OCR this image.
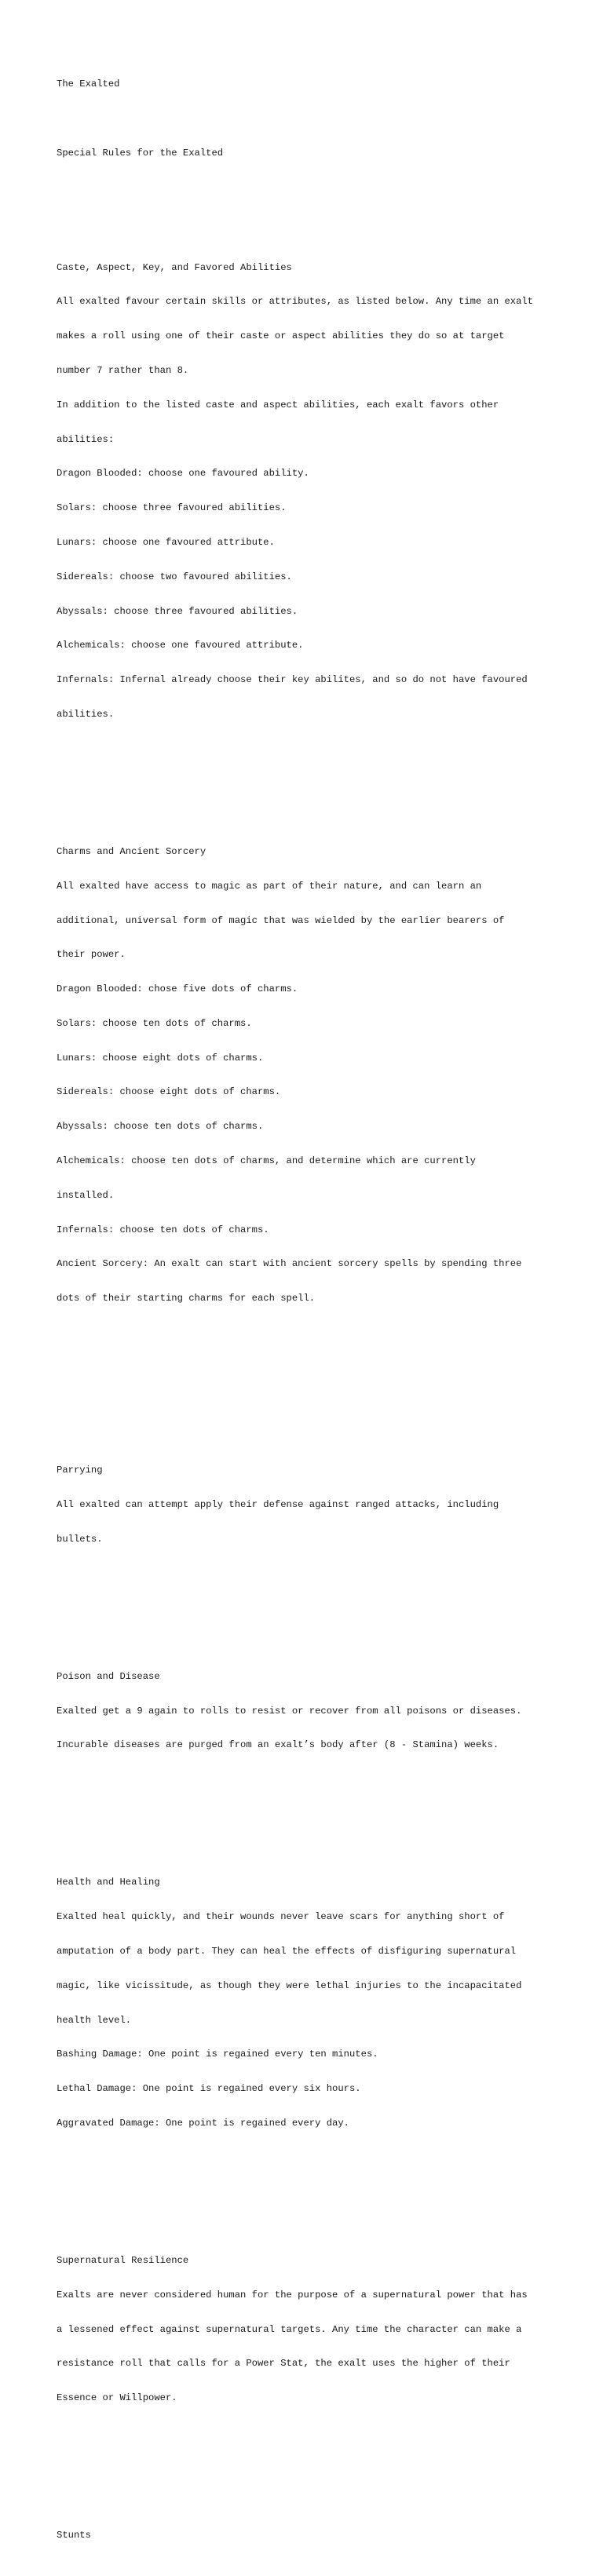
The Exalted

Special Rules for the Exalted

Caste, Aspect, Key, and Favored Abilities

All exalted favour certain skills or attributes, as listed below. Any time an exalt

makes a roll using one of their caste or aspect abilities they do so at target

number 7 rather than 8.

In addition to the listed caste and aspect abilities, each exalt favors other

abilities:

Dragon Blooded: choose one favoured ability.

Solars: choose three favoured abilities.

Lunars: choose one favoured attribute.

Sidereals: choose two favoured abilities.

Abyssals: choose three favoured abilities.

Alchemicals: choose one favoured attribute.

Infernals: Infernal already choose their key abilites, and so do not have favoured

abilities.

Charms and Ancient Sorcery

All exalted have access to magic as part of their nature, and can learn an

additional, universal form of magic that was wielded by the earlier bearers of

their power.

Dragon Blooded: chose five dots of charms.

Solars: choose ten dots of charms.

Lunars: choose eight dots of charms.

Sidereals: choose eight dots of charms.

Abyssals: choose ten dots of charms.

Alchemicals: choose ten dots of charms, and determine which are currently

installed.

Infernals: choose ten dots of charms.

Ancient Sorcery: An exalt can start with ancient sorcery spells by spending three

dots of their starting charms for each spell.

Parrying

All exalted can attempt apply their defense against ranged attacks, including

bullets.

Poison and Disease

Exalted get a 9 again to rolls to resist or recover from all poisons or diseases.

Incurable diseases are purged from an exalt’s body after (8 - Stamina) weeks.

Health and Healing

Exalted heal quickly, and their wounds never leave scars for anything short of

amputation of a body part. They can heal the effects of disfiguring supernatural

magic, like vicissitude, as though they were lethal injuries to the incapacitated

health level.

Bashing Damage: One point is regained every ten minutes.

Lethal Damage: One point is regained every six hours.

Aggravated Damage: One point is regained every day.

Supernatural Resilience

Exalts are never considered human for the purpose of a supernatural power that has

a lessened effect against supernatural targets. Any time the character can make a

resistance roll that calls for a Power Stat, the exalt uses the higher of their

Essence or Willpower.

Stunts
